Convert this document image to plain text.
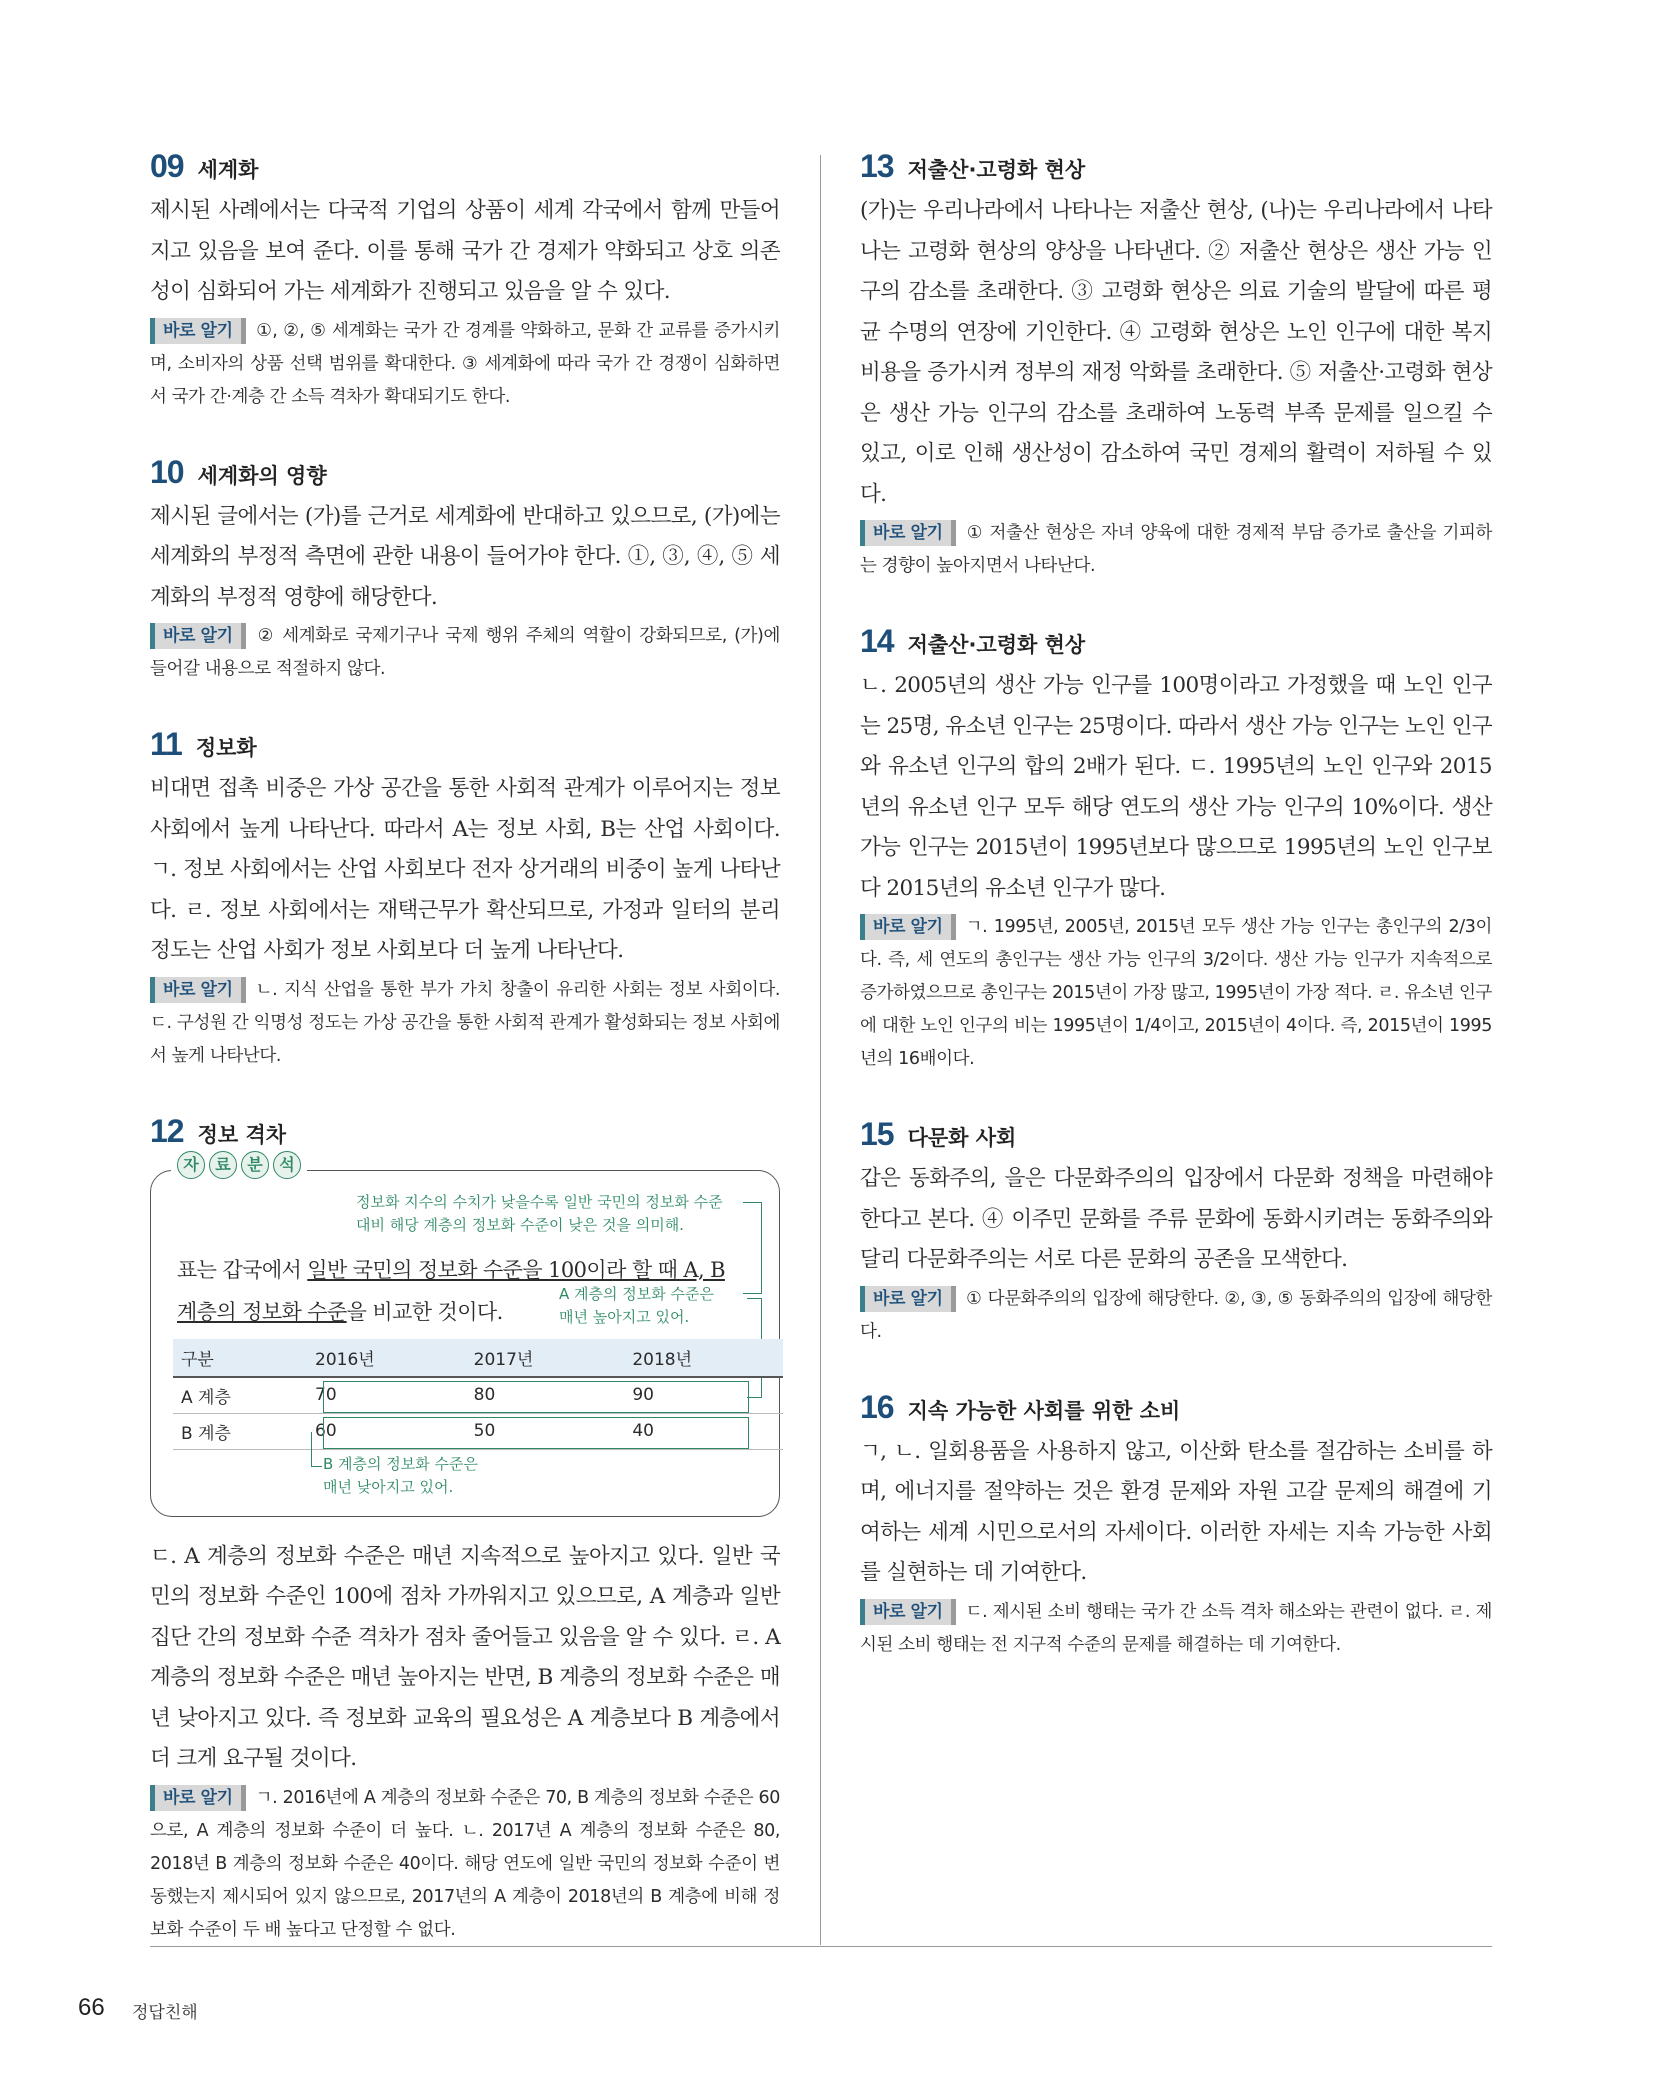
09 세계화

제시된 사례에서는 다국적 기업의 상품이 세계 각국에서 함께 만들어지고 있음을 보여 준다. 이를 통해 국가 간 경제가 약화되고 상호 의존성이 심화되어 가는 세계화가 진행되고 있음을 알 수 있다.

바로 알기 ①, ②, ⑤ 세계화는 국가 간 경계를 약화하고, 문화 간 교류를 증가시키며, 소비자의 상품 선택 범위를 확대한다. ③ 세계화에 따라 국가 간 경쟁이 심화하면서 국가 간·계층 간 소득 격차가 확대되기도 한다.

10 세계화의 영향

제시된 글에서는 (가)를 근거로 세계화에 반대하고 있으므로, (가)에는 세계화의 부정적 측면에 관한 내용이 들어가야 한다. ①, ③, ④, ⑤ 세계화의 부정적 영향에 해당한다.

바로 알기 ② 세계화로 국제기구나 국제 행위 주체의 역할이 강화되므로, (가)에 들어갈 내용으로 적절하지 않다.

11 정보화

비대면 접촉 비중은 가상 공간을 통한 사회적 관계가 이루어지는 정보 사회에서 높게 나타난다. 따라서 A는 정보 사회, B는 산업 사회이다. ㄱ. 정보 사회에서는 산업 사회보다 전자 상거래의 비중이 높게 나타난다. ㄹ. 정보 사회에서는 재택근무가 확산되므로, 가정과 일터의 분리 정도는 산업 사회가 정보 사회보다 더 높게 나타난다.

바로 알기 ㄴ. 지식 산업을 통한 부가 가치 창출이 유리한 사회는 정보 사회이다. ㄷ. 구성원 간 익명성 정도는 가상 공간을 통한 사회적 관계가 활성화되는 정보 사회에서 높게 나타난다.

12 정보 격차
자	료	분	석
정보화 지수의 수치가 낮을수록 일반 국민의 정보화 수준
대비 해당 계층의 정보화 수준이 낮은 것을 의미해.
표는 갑국에서 일반 국민의 정보화 수준을 100이라 할 때 A, B
계층의 정보화 수준을 비교한 것이다.
A 계층의 정보화 수준은
매년 높아지고 있어.
구분	2016년	2017년	2018년
A 계층	70	80	90
B 계층	60	50	40
B 계층의 정보화 수준은
매년 낮아지고 있어.

ㄷ. A 계층의 정보화 수준은 매년 지속적으로 높아지고 있다. 일반 국민의 정보화 수준인 100에 점차 가까워지고 있으므로, A 계층과 일반 집단 간의 정보화 수준 격차가 점차 줄어들고 있음을 알 수 있다. ㄹ. A 계층의 정보화 수준은 매년 높아지는 반면, B 계층의 정보화 수준은 매년 낮아지고 있다. 즉 정보화 교육의 필요성은 A 계층보다 B 계층에서 더 크게 요구될 것이다.

바로 알기 ㄱ. 2016년에 A 계층의 정보화 수준은 70, B 계층의 정보화 수준은 60으로, A 계층의 정보화 수준이 더 높다. ㄴ. 2017년 A 계층의 정보화 수준은 80, 2018년 B 계층의 정보화 수준은 40이다. 해당 연도에 일반 국민의 정보화 수준이 변동했는지 제시되어 있지 않으므로, 2017년의 A 계층이 2018년의 B 계층에 비해 정보화 수준이 두 배 높다고 단정할 수 없다.

13 저출산·고령화 현상

(가)는 우리나라에서 나타나는 저출산 현상, (나)는 우리나라에서 나타나는 고령화 현상의 양상을 나타낸다. ② 저출산 현상은 생산 가능 인구의 감소를 초래한다. ③ 고령화 현상은 의료 기술의 발달에 따른 평균 수명의 연장에 기인한다. ④ 고령화 현상은 노인 인구에 대한 복지 비용을 증가시켜 정부의 재정 악화를 초래한다. ⑤ 저출산·고령화 현상은 생산 가능 인구의 감소를 초래하여 노동력 부족 문제를 일으킬 수 있고, 이로 인해 생산성이 감소하여 국민 경제의 활력이 저하될 수 있다.

바로 알기 ① 저출산 현상은 자녀 양육에 대한 경제적 부담 증가로 출산을 기피하는 경향이 높아지면서 나타난다.

14 저출산·고령화 현상

ㄴ. 2005년의 생산 가능 인구를 100명이라고 가정했을 때 노인 인구는 25명, 유소년 인구는 25명이다. 따라서 생산 가능 인구는 노인 인구와 유소년 인구의 합의 2배가 된다. ㄷ. 1995년의 노인 인구와 2015년의 유소년 인구 모두 해당 연도의 생산 가능 인구의 10%이다. 생산 가능 인구는 2015년이 1995년보다 많으므로 1995년의 노인 인구보다 2015년의 유소년 인구가 많다.

바로 알기 ㄱ. 1995년, 2005년, 2015년 모두 생산 가능 인구는 총인구의 2/3이다. 즉, 세 연도의 총인구는 생산 가능 인구의 3/2이다. 생산 가능 인구가 지속적으로 증가하였으므로 총인구는 2015년이 가장 많고, 1995년이 가장 적다. ㄹ. 유소년 인구에 대한 노인 인구의 비는 1995년이 1/4이고, 2015년이 4이다. 즉, 2015년이 1995년의 16배이다.

15 다문화 사회

갑은 동화주의, 을은 다문화주의의 입장에서 다문화 정책을 마련해야 한다고 본다. ④ 이주민 문화를 주류 문화에 동화시키려는 동화주의와 달리 다문화주의는 서로 다른 문화의 공존을 모색한다.

바로 알기 ① 다문화주의의 입장에 해당한다. ②, ③, ⑤ 동화주의의 입장에 해당한다.

16 지속 가능한 사회를 위한 소비

ㄱ, ㄴ. 일회용품을 사용하지 않고, 이산화 탄소를 절감하는 소비를 하며, 에너지를 절약하는 것은 환경 문제와 자원 고갈 문제의 해결에 기여하는 세계 시민으로서의 자세이다. 이러한 자세는 지속 가능한 사회를 실현하는 데 기여한다.

바로 알기 ㄷ. 제시된 소비 행태는 국가 간 소득 격차 해소와는 관련이 없다. ㄹ. 제시된 소비 행태는 전 지구적 수준의 문제를 해결하는 데 기여한다.

66 정답친해
